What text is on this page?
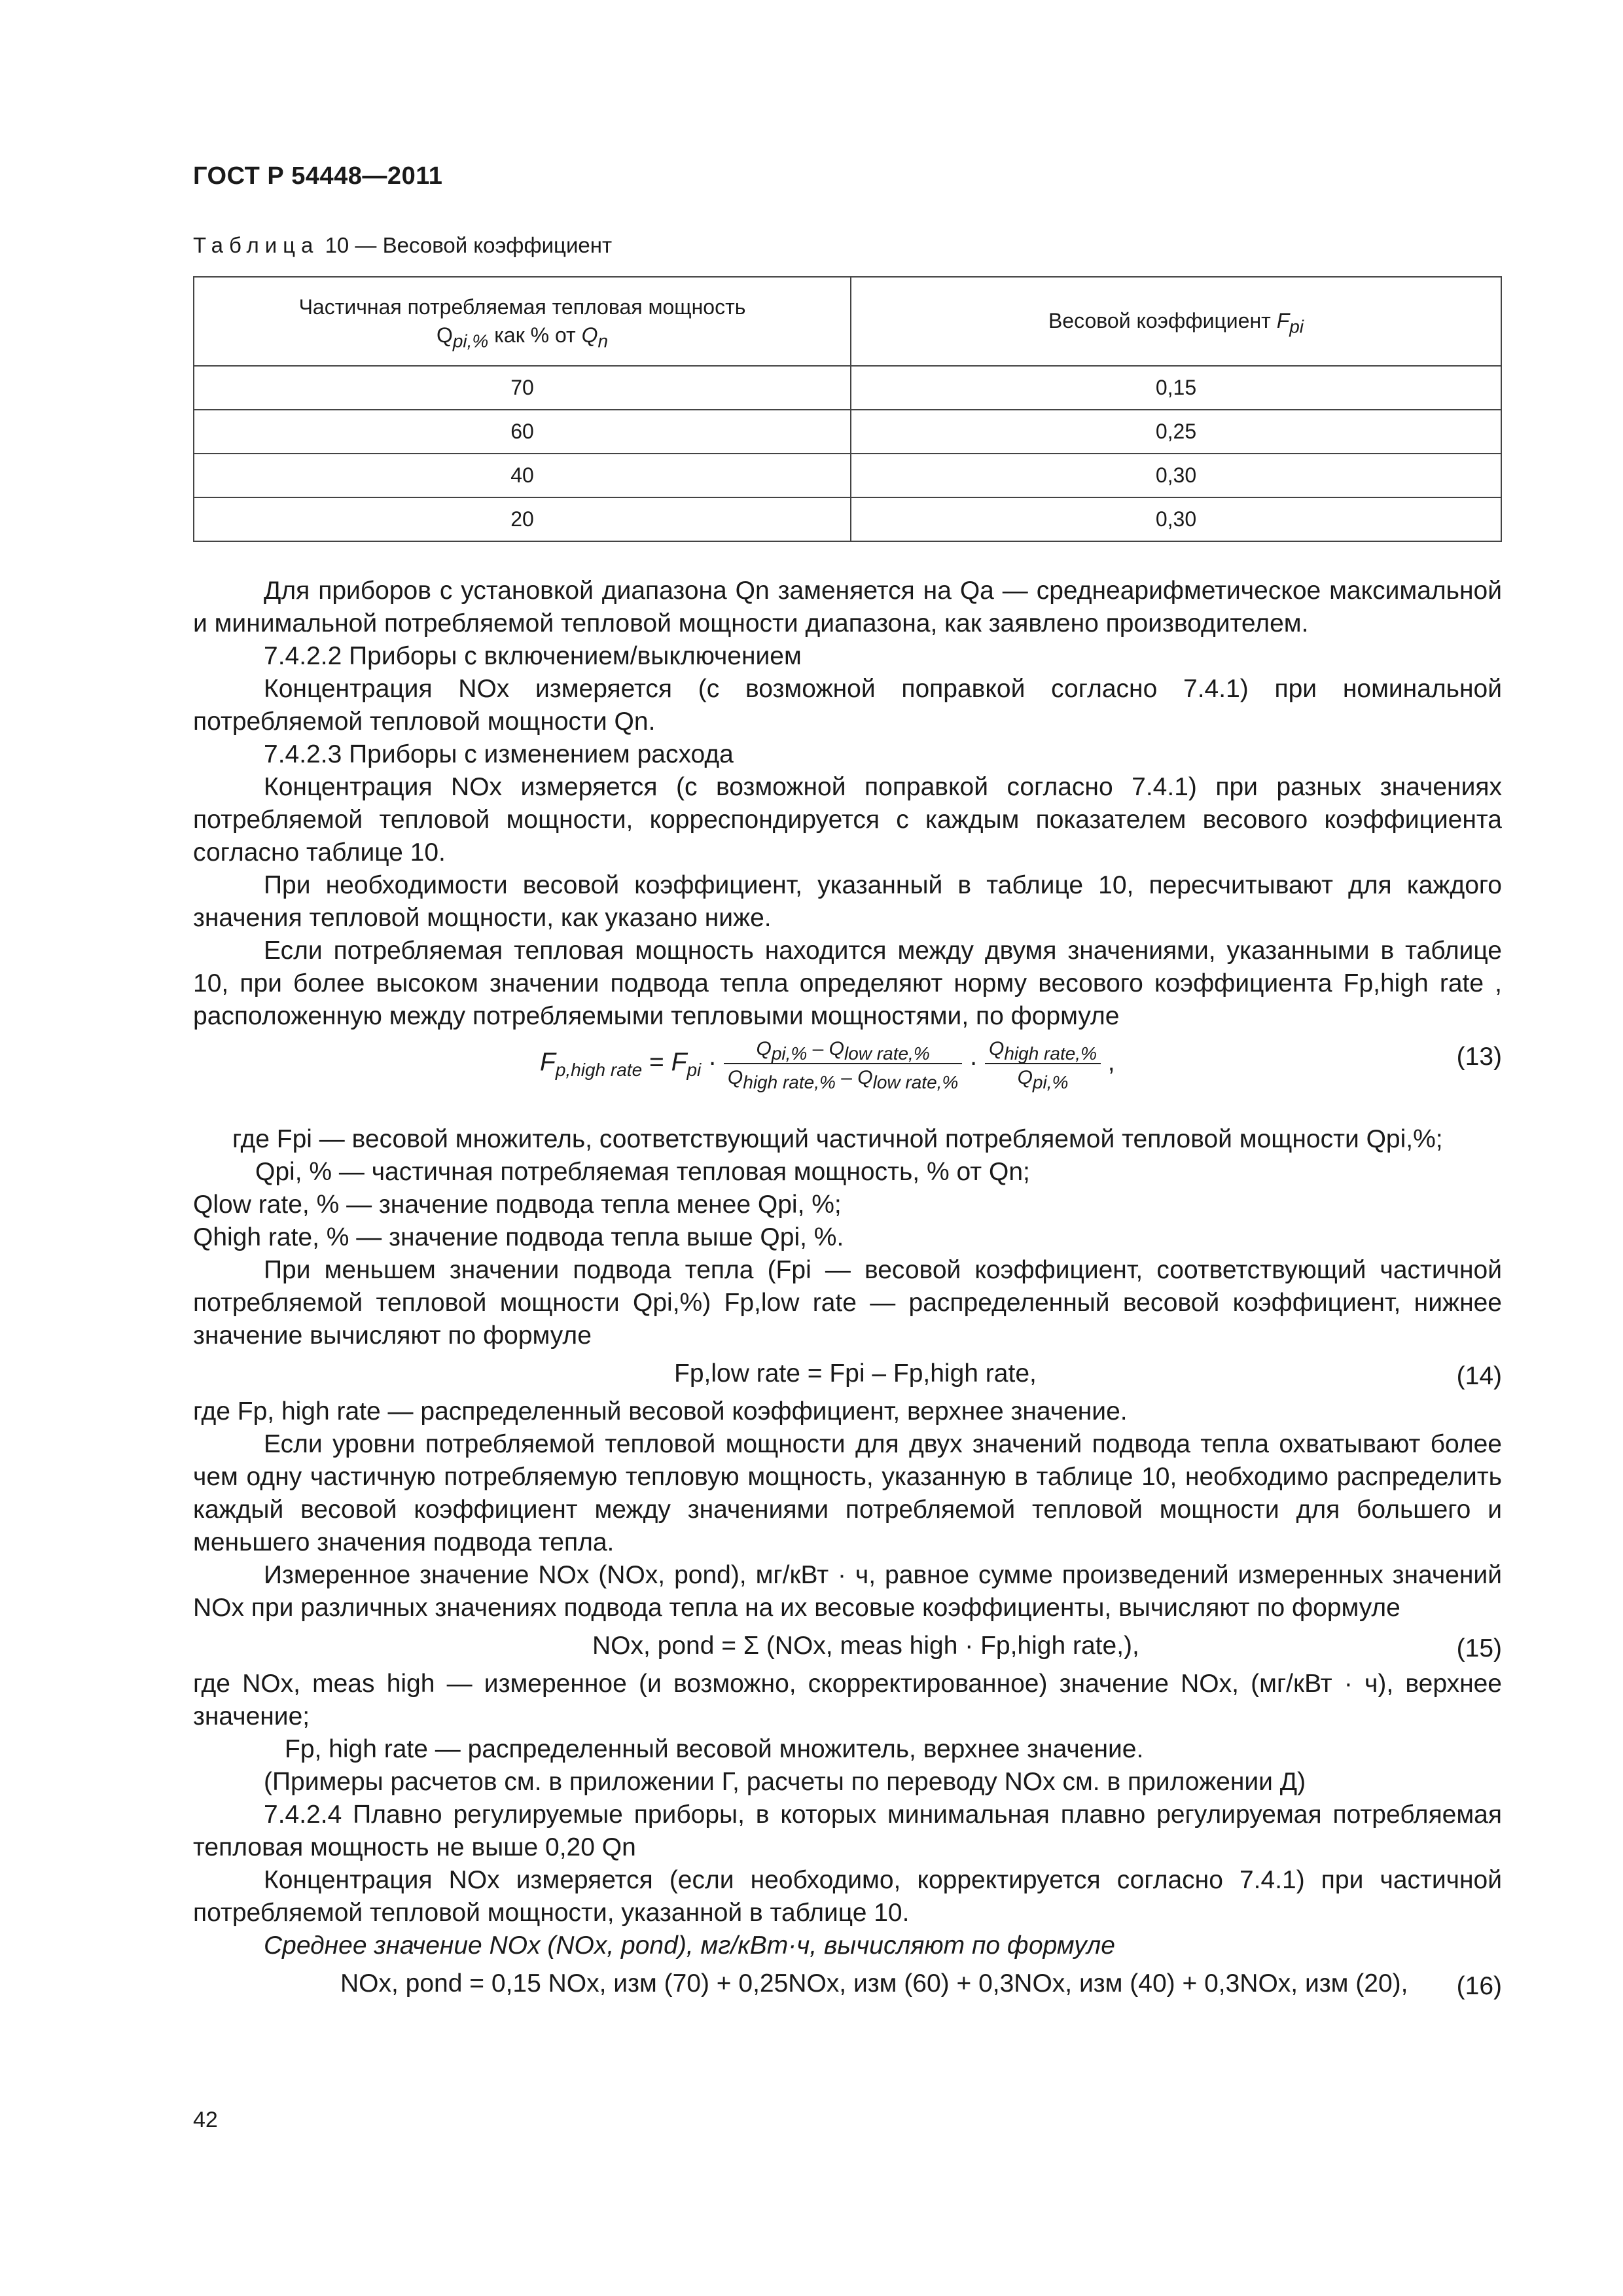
ГОСТ Р 54448—2011
Таблица 10 — Весовой коэффициент
Частичная потребляемая тепловая мощность
$Q_{pi,\%}$ как % от $Q_n$	Весовой коэффициент $F_{pi}$
70	0,15
60	0,25
40	0,30
20	0,30

Для приборов с установкой диапазона Qn заменяется на Qa — среднеарифметическое максимальной и минимальной потребляемой тепловой мощности диапазона, как заявлено производителем.

7.4.2.2 Приборы с включением/выключением

Концентрация NOx измеряется (с возможной поправкой согласно 7.4.1) при номинальной потребляемой тепловой мощности Qn.

7.4.2.3 Приборы с изменением расхода

Концентрация NOx измеряется (с возможной поправкой согласно 7.4.1) при разных значениях потребляемой тепловой мощности, корреспондируется с каждым показателем весового коэффициента согласно таблице 10.

При необходимости весовой коэффициент, указанный в таблице 10, пересчитывают для каждого значения тепловой мощности, как указано ниже.

Если потребляемая тепловая мощность находится между двумя значениями, указанными в таблице 10, при более высоком значении подвода тепла определяют норму весового коэффициента Fp,high rate , расположенную между потребляемыми тепловыми мощностями, по формуле

$F_{p,high rate} = F_{pi} \cdot \frac{Q_{pi,\%} - Q_{low rate,\%}}{Q_{high rate,\%} - Q_{low rate,\%}} \cdot \frac{Q_{high rate,\%}}{Q_{pi,\%}}$ ,	(13)

где Fpi — весовой множитель, соответствующий частичной потребляемой тепловой мощности Qpi,%;

Qpi, % — частичная потребляемая тепловая мощность, % от Qn;

Qlow rate, % — значение подвода тепла менее Qpi, %;

Qhigh rate, % — значение подвода тепла выше Qpi, %.

При меньшем значении подвода тепла (Fpi — весовой коэффициент, соответствующий частичной потребляемой тепловой мощности Qpi,%) Fp,low rate — распределенный весовой коэффициент, нижнее значение вычисляют по формуле

Fp,low rate = Fpi – Fp,high rate,	(14)

где Fp, high rate — распределенный весовой коэффициент, верхнее значение.

Если уровни потребляемой тепловой мощности для двух значений подвода тепла охватывают более чем одну частичную потребляемую тепловую мощность, указанную в таблице 10, необходимо распределить каждый весовой коэффициент между значениями потребляемой тепловой мощности для большего и меньшего значения подвода тепла.

Измеренное значение NOx (NOx, pond), мг/кВт · ч, равное сумме произведений измеренных значений NOx при различных значениях подвода тепла на их весовые коэффициенты, вычисляют по формуле

NOx, pond = Σ (NOx, meas high · Fp,high rate,),	(15)

где NOx, meas high — измеренное (и возможно, скорректированное) значение NOx, (мг/кВт · ч), верхнее значение;

Fp, high rate — распределенный весовой множитель, верхнее значение.

(Примеры расчетов см. в приложении Г, расчеты по переводу NOx см. в приложении Д)

7.4.2.4 Плавно регулируемые приборы, в которых минимальная плавно регулируемая потребляемая тепловая мощность не выше 0,20 Qn

Концентрация NOx измеряется (если необходимо, корректируется согласно 7.4.1) при частичной потребляемой тепловой мощности, указанной в таблице 10.

Среднее значение NOx (NOx, pond), мг/кВт·ч, вычисляют по формуле

NOx, pond = 0,15 NOx, изм (70) + 0,25NOx, изм (60) + 0,3NOx, изм (40) + 0,3NOx, изм (20), (16)
42
